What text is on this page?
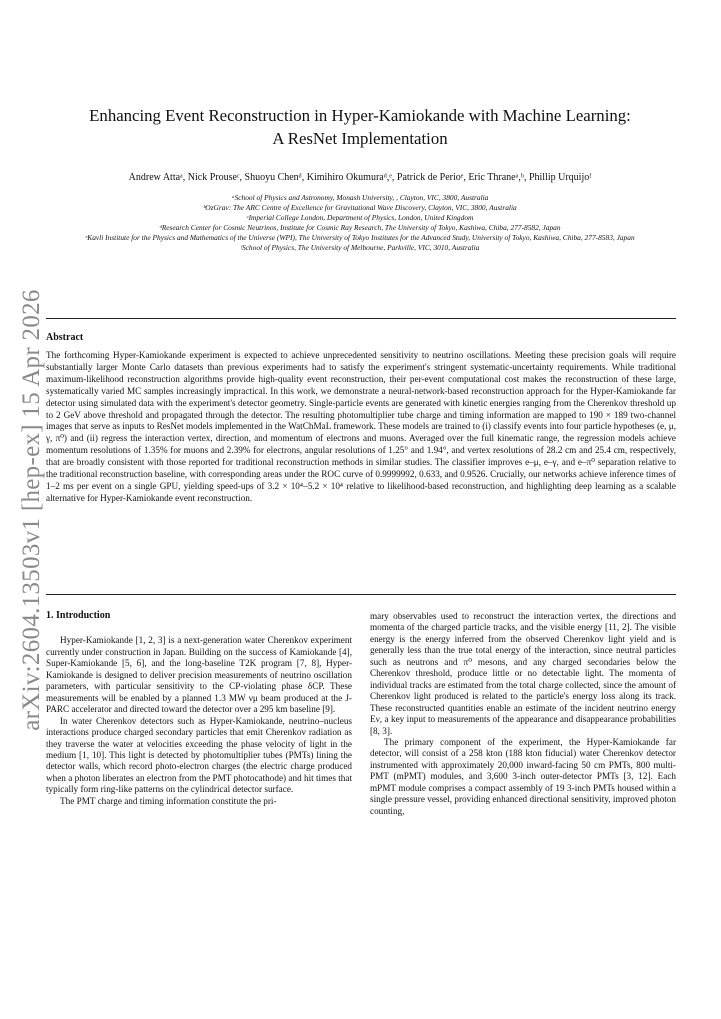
arXiv:2604.13503v1 [hep-ex] 15 Apr 2026
Enhancing Event Reconstruction in Hyper-Kamiokande with Machine Learning:
A ResNet Implementation
Andrew Attaᵃ, Nick Prouseᶜ, Shuoyu Chenᵈ, Kimihiro Okumuraᵈ,ᵉ, Patrick de Perioᵉ, Eric Thraneᵃ,ᵇ, Phillip Urquijoᶠ
ᵃSchool of Physics and Astronomy, Monash University, , Clayton, VIC, 3800, Australia
ᵇOzGrav: The ARC Centre of Excellence for Gravitational Wave Discovery, Clayton, VIC, 3800, Australia
ᶜImperial College London, Department of Physics, London, United Kingdom
ᵈResearch Center for Cosmic Neutrinos, Institute for Cosmic Ray Research, The University of Tokyo, Kashiwa, Chiba, 277-8582, Japan
ᵉKavli Institute for the Physics and Mathematics of the Universe (WPI), The University of Tokyo Institutes for the Advanced Study, University of Tokyo, Kashiwa, Chiba, 277-8583, Japan
ᶠSchool of Physics, The University of Melbourne, Parkville, VIC, 3010, Australia
Abstract
The forthcoming Hyper-Kamiokande experiment is expected to achieve unprecedented sensitivity to neutrino oscillations. Meeting these precision goals will require substantially larger Monte Carlo datasets than previous experiments had to satisfy the experiment's stringent systematic-uncertainty requirements. While traditional maximum-likelihood reconstruction algorithms provide high-quality event reconstruction, their per-event computational cost makes the reconstruction of these large, systematically varied MC samples increasingly impractical. In this work, we demonstrate a neural-network-based reconstruction approach for the Hyper-Kamiokande far detector using simulated data with the experiment's detector geometry. Single-particle events are generated with kinetic energies ranging from the Cherenkov threshold up to 2 GeV above threshold and propagated through the detector. The resulting photomultiplier tube charge and timing information are mapped to 190 × 189 two-channel images that serve as inputs to ResNet models implemented in the WatChMaL framework. These models are trained to (i) classify events into four particle hypotheses (e, μ, γ, π⁰) and (ii) regress the interaction vertex, direction, and momentum of electrons and muons. Averaged over the full kinematic range, the regression models achieve momentum resolutions of 1.35% for muons and 2.39% for electrons, angular resolutions of 1.25° and 1.94°, and vertex resolutions of 28.2 cm and 25.4 cm, respectively, that are broadly consistent with those reported for traditional reconstruction methods in similar studies. The classifier improves e–μ, e–γ, and e–π⁰ separation relative to the traditional reconstruction baseline, with corresponding areas under the ROC curve of 0.9999992, 0.633, and 0.9526. Crucially, our networks achieve inference times of 1–2 ms per event on a single GPU, yielding speed-ups of 3.2 × 10⁴–5.2 × 10⁴ relative to likelihood-based reconstruction, and highlighting deep learning as a scalable alternative for Hyper-Kamiokande event reconstruction.
1. Introduction

Hyper-Kamiokande [1, 2, 3] is a next-generation water Cherenkov experiment currently under construction in Japan. Building on the success of Kamiokande [4], Super-Kamiokande [5, 6], and the long-baseline T2K program [7, 8], Hyper-Kamiokande is designed to deliver precision measurements of neutrino oscillation parameters, with particular sensitivity to the CP-violating phase δCP. These measurements will be enabled by a planned 1.3 MW νμ beam produced at the J-PARC accelerator and directed toward the detector over a 295 km baseline [9].

In water Cherenkov detectors such as Hyper-Kamiokande, neutrino–nucleus interactions produce charged secondary particles that emit Cherenkov radiation as they traverse the water at velocities exceeding the phase velocity of light in the medium [1, 10]. This light is detected by photomultiplier tubes (PMTs) lining the detector walls, which record photo-electron charges (the electric charge produced when a photon liberates an electron from the PMT photocathode) and hit times that typically form ring-like patterns on the cylindrical detector surface.

The PMT charge and timing information constitute the pri-

mary observables used to reconstruct the interaction vertex, the directions and momenta of the charged particle tracks, and the visible energy [11, 2]. The visible energy is the energy inferred from the observed Cherenkov light yield and is generally less than the true total energy of the interaction, since neutral particles such as neutrons and π⁰ mesons, and any charged secondaries below the Cherenkov threshold, produce little or no detectable light. The momenta of individual tracks are estimated from the total charge collected, since the amount of Cherenkov light produced is related to the particle's energy loss along its track. These reconstructed quantities enable an estimate of the incident neutrino energy Eν, a key input to measurements of the appearance and disappearance probabilities [8, 3].

The primary component of the experiment, the Hyper-Kamiokande far detector, will consist of a 258 kton (188 kton fiducial) water Cherenkov detector instrumented with approximately 20,000 inward-facing 50 cm PMTs, 800 multi-PMT (mPMT) modules, and 3,600 3-inch outer-detector PMTs [3, 12]. Each mPMT module comprises a compact assembly of 19 3-inch PMTs housed within a single pressure vessel, providing enhanced directional sensitivity, improved photon counting,
